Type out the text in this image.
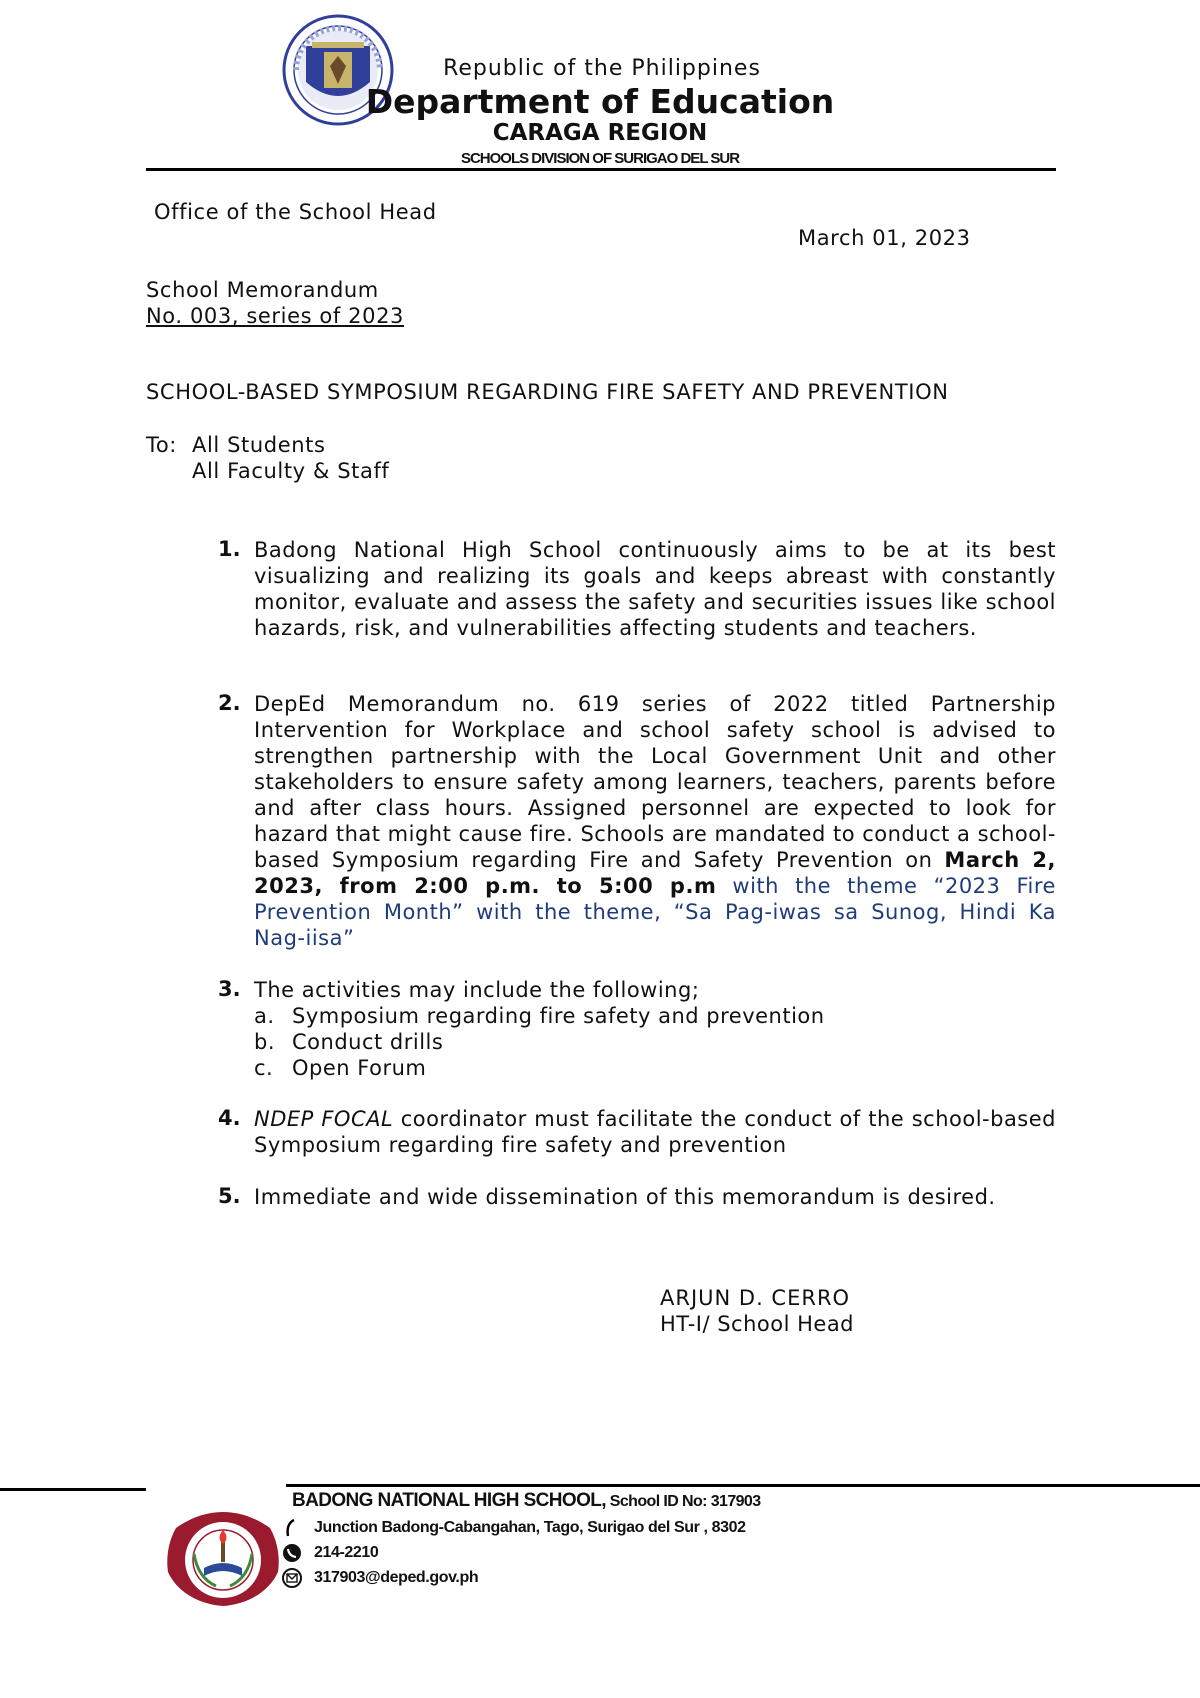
Republic of the Philippines
Department of Education
CARAGA REGION
SCHOOLS DIVISION OF SURIGAO DEL SUR
Office of the School Head
March 01, 2023
School Memorandum
No. 003, series of 2023
SCHOOL-BASED SYMPOSIUM REGARDING FIRE SAFETY AND PREVENTION
To: All Students
All Faculty & Staff
1. Badong National High School continuously aims to be at its best visualizing and realizing its goals and keeps abreast with constantly monitor, evaluate and assess the safety and securities issues like school hazards, risk, and vulnerabilities affecting students and teachers.
2. DepEd Memorandum no. 619 series of 2022 titled Partnership Intervention for Workplace and school safety school is advised to strengthen partnership with the Local Government Unit and other stakeholders to ensure safety among learners, teachers, parents before and after class hours. Assigned personnel are expected to look for hazard that might cause fire. Schools are mandated to conduct a school-based Symposium regarding Fire and Safety Prevention on March 2, 2023, from 2:00 p.m. to 5:00 p.m with the theme “2023 Fire Prevention Month” with the theme, “Sa Pag-iwas sa Sunog, Hindi Ka Nag-iisa”
3. The activities may include the following;
a. Symposium regarding fire safety and prevention
b. Conduct drills
c. Open Forum
4. NDEP FOCAL coordinator must facilitate the conduct of the school-based Symposium regarding fire safety and prevention
5. Immediate and wide dissemination of this memorandum is desired.
ARJUN D. CERRO
HT-I/ School Head
BADONG NATIONAL HIGH SCHOOL, School ID No: 317903
Junction Badong-Cabangahan, Tago, Surigao del Sur , 8302
214-2210
317903@deped.gov.ph
